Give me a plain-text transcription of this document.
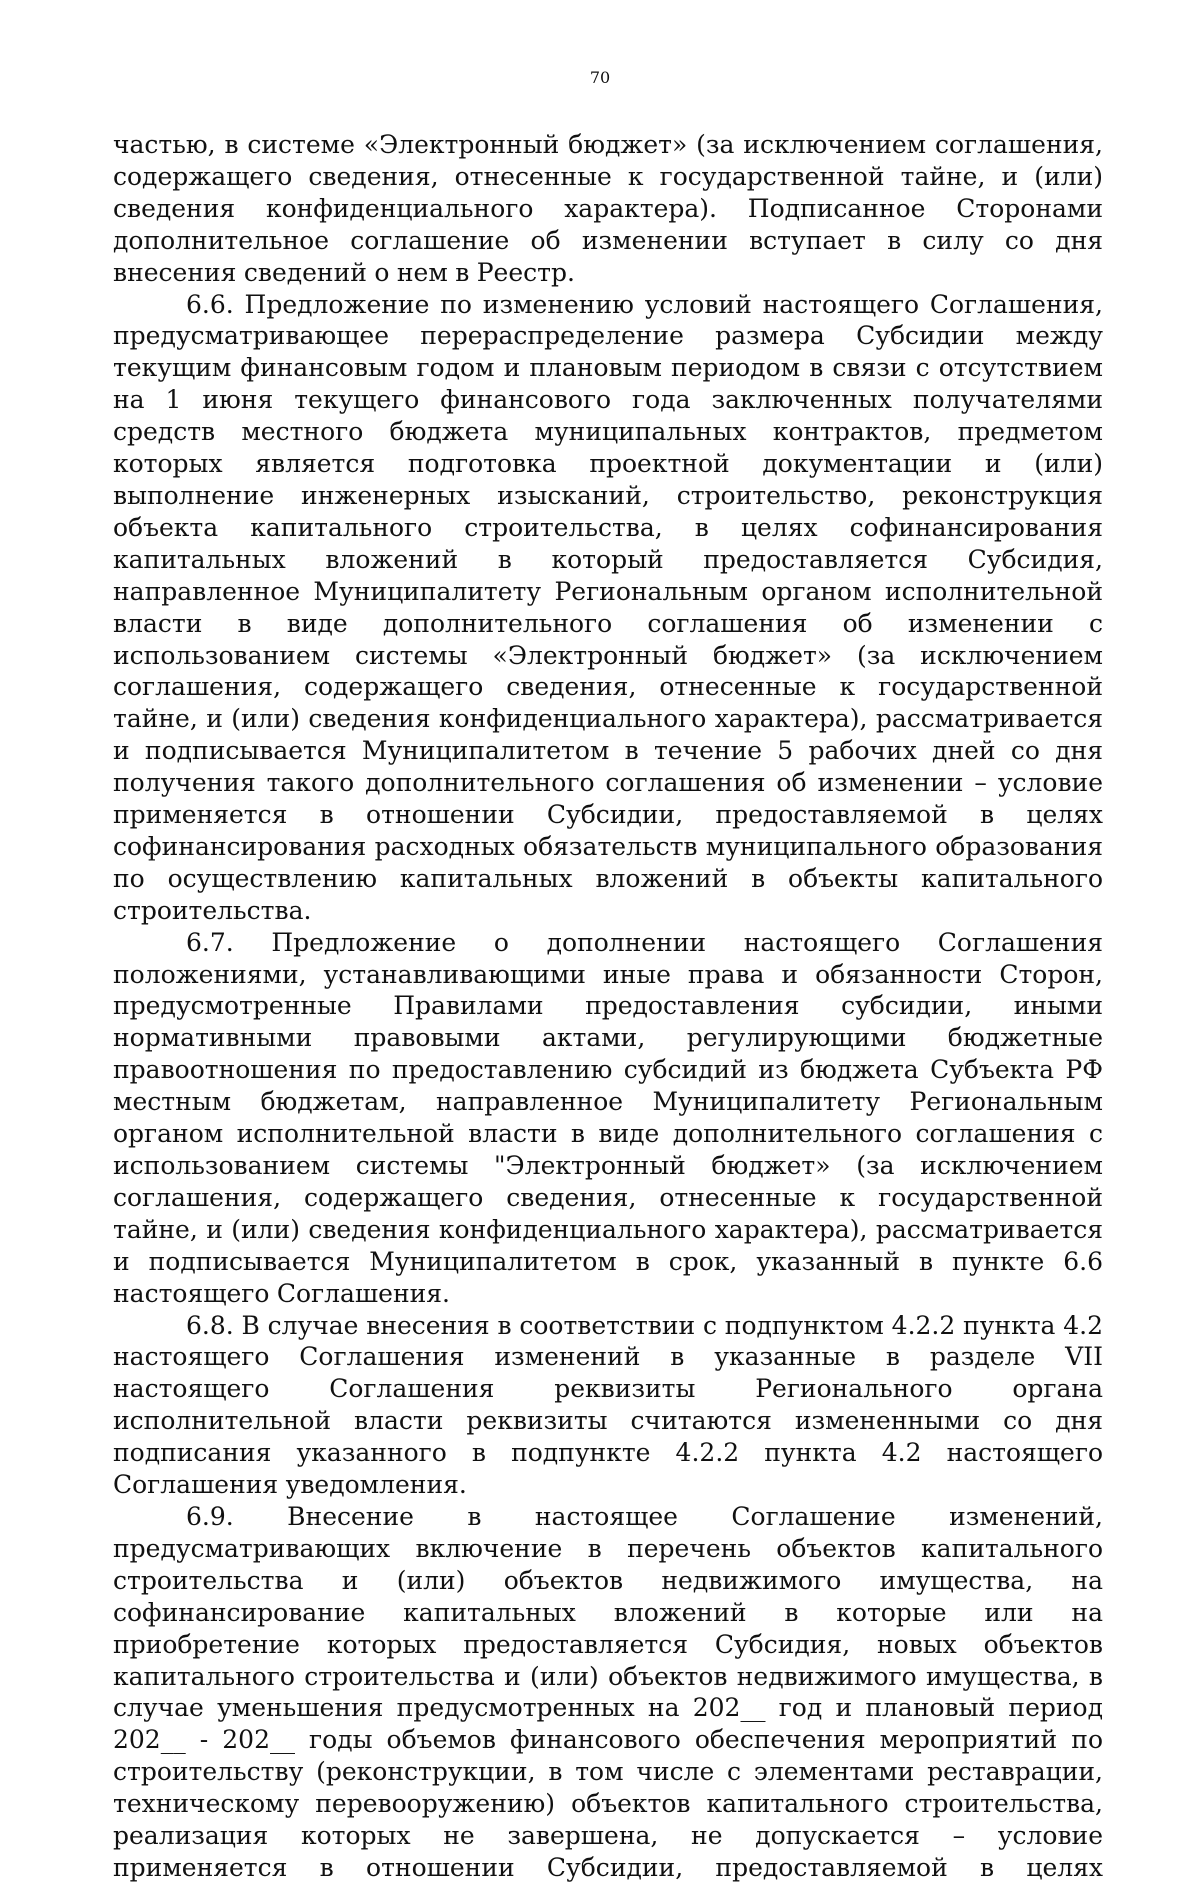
70

частью, в системе «Электронный бюджет» (за исключением соглашения, содержащего сведения, отнесенные к государственной тайне, и (или) сведения конфиденциального характера). Подписанное Сторонами дополнительное соглашение об изменении вступает в силу со дня внесения сведений о нем в Реестр.

6.6. Предложение по изменению условий настоящего Соглашения, предусматривающее перераспределение размера Субсидии между текущим финансовым годом и плановым периодом в связи с отсутствием на 1 июня текущего финансового года заключенных получателями средств местного бюджета муниципальных контрактов, предметом которых является подготовка проектной документации и (или) выполнение инженерных изысканий, строительство, реконструкция объекта капитального строительства, в целях софинансирования капитальных вложений в который предоставляется Субсидия, направленное Муниципалитету Региональным органом исполнительной власти в виде дополнительного соглашения об изменении с использованием системы «Электронный бюджет» (за исключением соглашения, содержащего сведения, отнесенные к государственной тайне, и (или) сведения конфиденциального характера), рассматривается и подписывается Муниципалитетом в течение 5 рабочих дней со дня получения такого дополнительного соглашения об изменении – условие применяется в отношении Субсидии, предоставляемой в целях софинансирования расходных обязательств муниципального образования по осуществлению капитальных вложений в объекты капитального строительства.

6.7. Предложение о дополнении настоящего Соглашения положениями, устанавливающими иные права и обязанности Сторон, предусмотренные Правилами предоставления субсидии, иными нормативными правовыми актами, регулирующими бюджетные правоотношения по предоставлению субсидий из бюджета Субъекта РФ местным бюджетам, направленное Муниципалитету Региональным органом исполнительной власти в виде дополнительного соглашения с использованием системы "Электронный бюджет» (за исключением соглашения, содержащего сведения, отнесенные к государственной тайне, и (или) сведения конфиденциального характера), рассматривается и подписывается Муниципалитетом в срок, указанный в пункте 6.6 настоящего Соглашения.

6.8. В случае внесения в соответствии с подпунктом 4.2.2 пункта 4.2 настоящего Соглашения изменений в указанные в разделе VII настоящего Соглашения реквизиты Регионального органа исполнительной власти реквизиты считаются измененными со дня подписания указанного в подпункте 4.2.2 пункта 4.2 настоящего Соглашения уведомления.

6.9. Внесение в настоящее Соглашение изменений, предусматривающих включение в перечень объектов капитального строительства и (или) объектов недвижимого имущества, на софинансирование капитальных вложений в которые или на приобретение которых предоставляется Субсидия, новых объектов капитального строительства и (или) объектов недвижимого имущества, в случае уменьшения предусмотренных на 202__ год и плановый период 202__ - 202__ годы объемов финансового обеспечения мероприятий по строительству (реконструкции, в том числе с элементами реставрации, техническому перевооружению) объектов капитального строительства, реализация которых не завершена, не допускается – условие применяется в отношении Субсидии, предоставляемой в целях
